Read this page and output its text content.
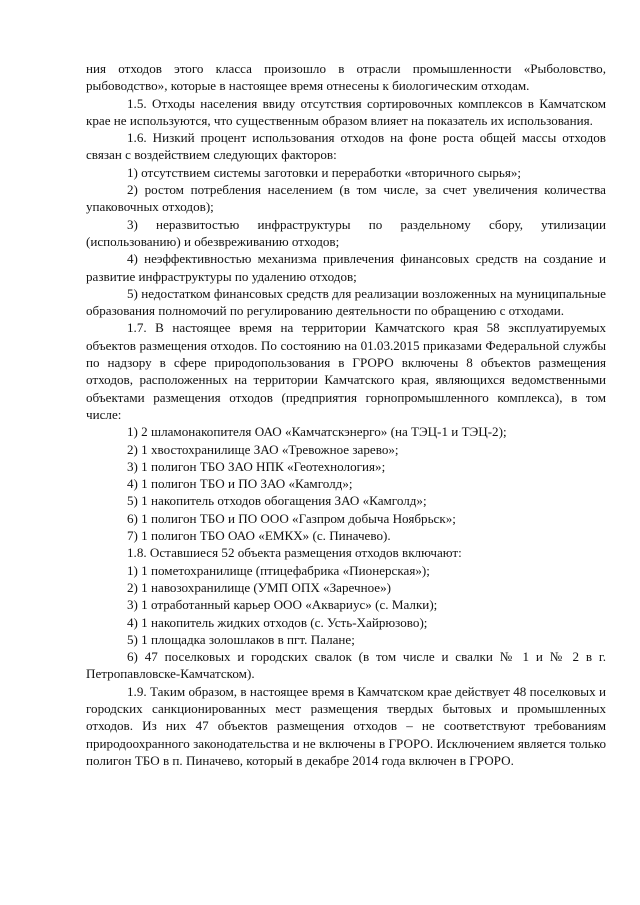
ния отходов этого класса произошло в отрасли промышленности «Рыболовство, рыбоводство», которые в настоящее время отнесены к биологическим отходам.

1.5. Отходы населения ввиду отсутствия сортировочных комплексов в Камчатском крае не используются, что существенным образом влияет на показатель их использования.

1.6. Низкий процент использования отходов на фоне роста общей массы отходов связан с воздействием следующих факторов:

1) отсутствием системы заготовки и переработки «вторичного сырья»;

2) ростом потребления населением (в том числе, за счет увеличения количества упаковочных отходов);

3) неразвитостью инфраструктуры по раздельному сбору, утилизации (использованию) и обезвреживанию отходов;

4) неэффективностью механизма привлечения финансовых средств на создание и развитие инфраструктуры по удалению отходов;

5) недостатком финансовых средств для реализации возложенных на муниципальные образования полномочий по регулированию деятельности по обращению с отходами.

1.7. В настоящее время на территории Камчатского края 58 эксплуатируемых объектов размещения отходов. По состоянию на 01.03.2015 приказами Федеральной службы по надзору в сфере природопользования в ГРОРО включены 8 объектов размещения отходов, расположенных на территории Камчатского края, являющихся ведомственными объектами размещения отходов (предприятия горнопромышленного комплекса), в том числе:

1) 2 шламонакопителя ОАО «Камчатскэнерго» (на ТЭЦ-1 и ТЭЦ-2);

2) 1 хвостохранилище ЗАО «Тревожное зарево»;

3) 1 полигон ТБО ЗАО НПК «Геотехнология»;

4) 1 полигон ТБО и ПО ЗАО «Камголд»;

5) 1 накопитель отходов обогащения ЗАО «Камголд»;

6) 1 полигон ТБО и ПО ООО «Газпром добыча Ноябрьск»;

7) 1 полигон ТБО ОАО «ЕМКХ» (с. Пиначево).

1.8. Оставшиеся 52 объекта размещения отходов включают:

1) 1 пометохранилище (птицефабрика «Пионерская»);

2) 1 навозохранилище (УМП ОПХ «Заречное»)

3) 1 отработанный карьер ООО «Аквариус» (с. Малки);

4) 1 накопитель жидких отходов (с. Усть-Хайрюзово);

5) 1 площадка золошлаков в пгт. Палане;

6) 47 поселковых и городских свалок (в том числе и свалки № 1 и № 2 в г. Петропавловске-Камчатском).

1.9. Таким образом, в настоящее время в Камчатском крае действует 48 поселковых и городских санкционированных мест размещения твердых бытовых и промышленных отходов. Из них 47 объектов размещения отходов – не соответствуют требованиям природоохранного законодательства и не включены в ГРОРО. Исключением является только полигон ТБО в п. Пиначево, который в декабре 2014 года включен в ГРОРО.
